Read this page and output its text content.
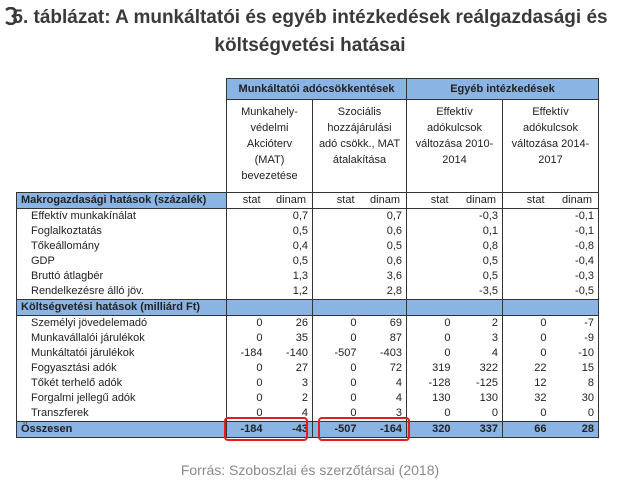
5. táblázat: A munkáltatói és egyéb intézkedések reálgazdasági és
költségvetési hatásai
	Munkáltatói adócsökkentések				Egyéb intézkedések			
	Munkahely-védelmi Akcióterv (MAT) bevezetése		Szociális hozzájárulási adó csökk., MAT átalakítása		Effektív adókulcsok változása 2010-2014		Effektív adókulcsok változása 2014-2017	
Makrogazdasági hatások (százalék)	stat	dinam	stat	dinam	stat	dinam	stat	dinam
Effektív munkakínálat		0,7		0,7		-0,3		-0,1
Foglalkoztatás		0,5		0,6		0,1		-0,1
Tőkeállomány		0,4		0,5		0,8		-0,8
GDP		0,5		0,6		0,5		-0,4
Bruttó átlagbér		1,3		3,6		0,5		-0,3
Rendelkezésre álló jöv.		1,2		2,8		-3,5		-0,5
Költségvetési hatások (milliárd Ft)								
Személyi jövedelemadó	0	26	0	69	0	2	0	-7
Munkavállalói járulékok	0	35	0	87	0	3	0	-9
Munkáltatói járulékok	-184	-140	-507	-403	0	4	0	-10
Fogyasztási adók	0	27	0	72	319	322	22	15
Tőkét terhelő adók	0	3	0	4	-128	-125	12	8
Forgalmi jellegű adók	0	2	0	4	130	130	32	30
Transzferek	0	4	0	3	0	0	0	0
Összesen	-184	-43	-507	-164	320	337	66	28
Forrás: Szoboszlai és szerzőtársai (2018)
